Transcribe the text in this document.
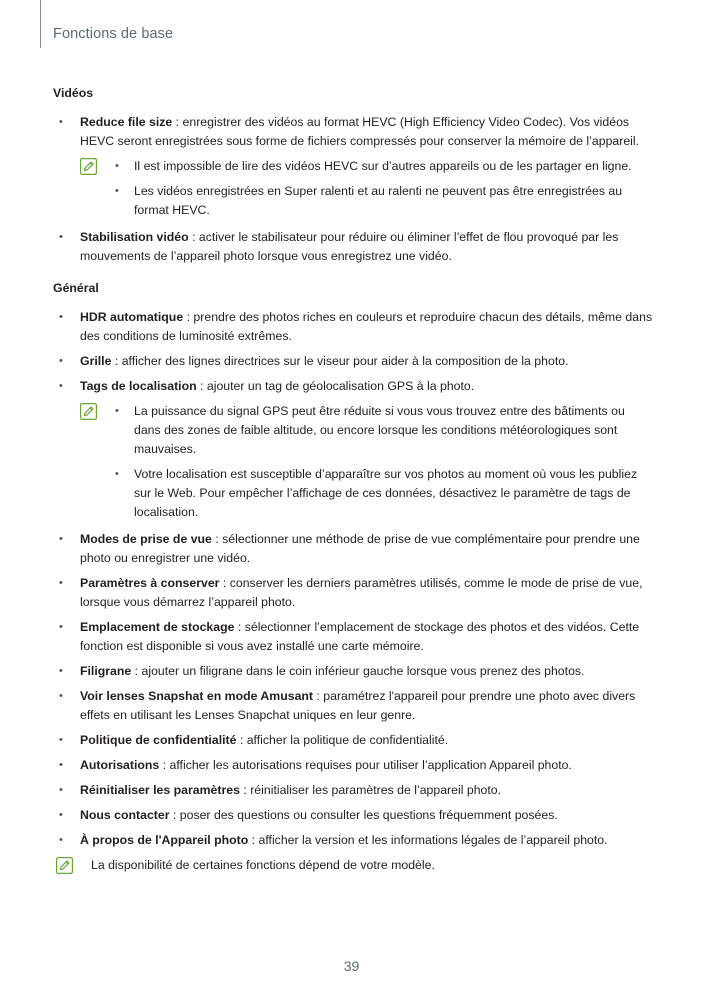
Fonctions de base
Vidéos
• Reduce file size : enregistrer des vidéos au format HEVC (High Efficiency Video Codec). Vos vidéos HEVC seront enregistrées sous forme de fichiers compressés pour conserver la mémoire de l’appareil.
• Il est impossible de lire des vidéos HEVC sur d’autres appareils ou de les partager en ligne.
• Les vidéos enregistrées en Super ralenti et au ralenti ne peuvent pas être enregistrées au format HEVC.
• Stabilisation vidéo : activer le stabilisateur pour réduire ou éliminer l’effet de flou provoqué par les mouvements de l’appareil photo lorsque vous enregistrez une vidéo.
Général
• HDR automatique : prendre des photos riches en couleurs et reproduire chacun des détails, même dans des conditions de luminosité extrêmes.
• Grille : afficher des lignes directrices sur le viseur pour aider à la composition de la photo.
• Tags de localisation : ajouter un tag de géolocalisation GPS à la photo.
• La puissance du signal GPS peut être réduite si vous vous trouvez entre des bâtiments ou dans des zones de faible altitude, ou encore lorsque les conditions météorologiques sont mauvaises.
• Votre localisation est susceptible d’apparaître sur vos photos au moment où vous les publiez sur le Web. Pour empêcher l’affichage de ces données, désactivez le paramètre de tags de localisation.
• Modes de prise de vue : sélectionner une méthode de prise de vue complémentaire pour prendre une photo ou enregistrer une vidéo.
• Paramètres à conserver : conserver les derniers paramètres utilisés, comme le mode de prise de vue, lorsque vous démarrez l’appareil photo.
• Emplacement de stockage : sélectionner l’emplacement de stockage des photos et des vidéos. Cette fonction est disponible si vous avez installé une carte mémoire.
• Filigrane : ajouter un filigrane dans le coin inférieur gauche lorsque vous prenez des photos.
• Voir lenses Snapshat en mode Amusant : paramétrez l'appareil pour prendre une photo avec divers effets en utilisant les Lenses Snapchat uniques en leur genre.
• Politique de confidentialité : afficher la politique de confidentialité.
• Autorisations : afficher les autorisations requises pour utiliser l’application Appareil photo.
• Réinitialiser les paramètres : réinitialiser les paramètres de l’appareil photo.
• Nous contacter : poser des questions ou consulter les questions fréquemment posées.
• À propos de l'Appareil photo : afficher la version et les informations légales de l’appareil photo.
La disponibilité de certaines fonctions dépend de votre modèle.
39
